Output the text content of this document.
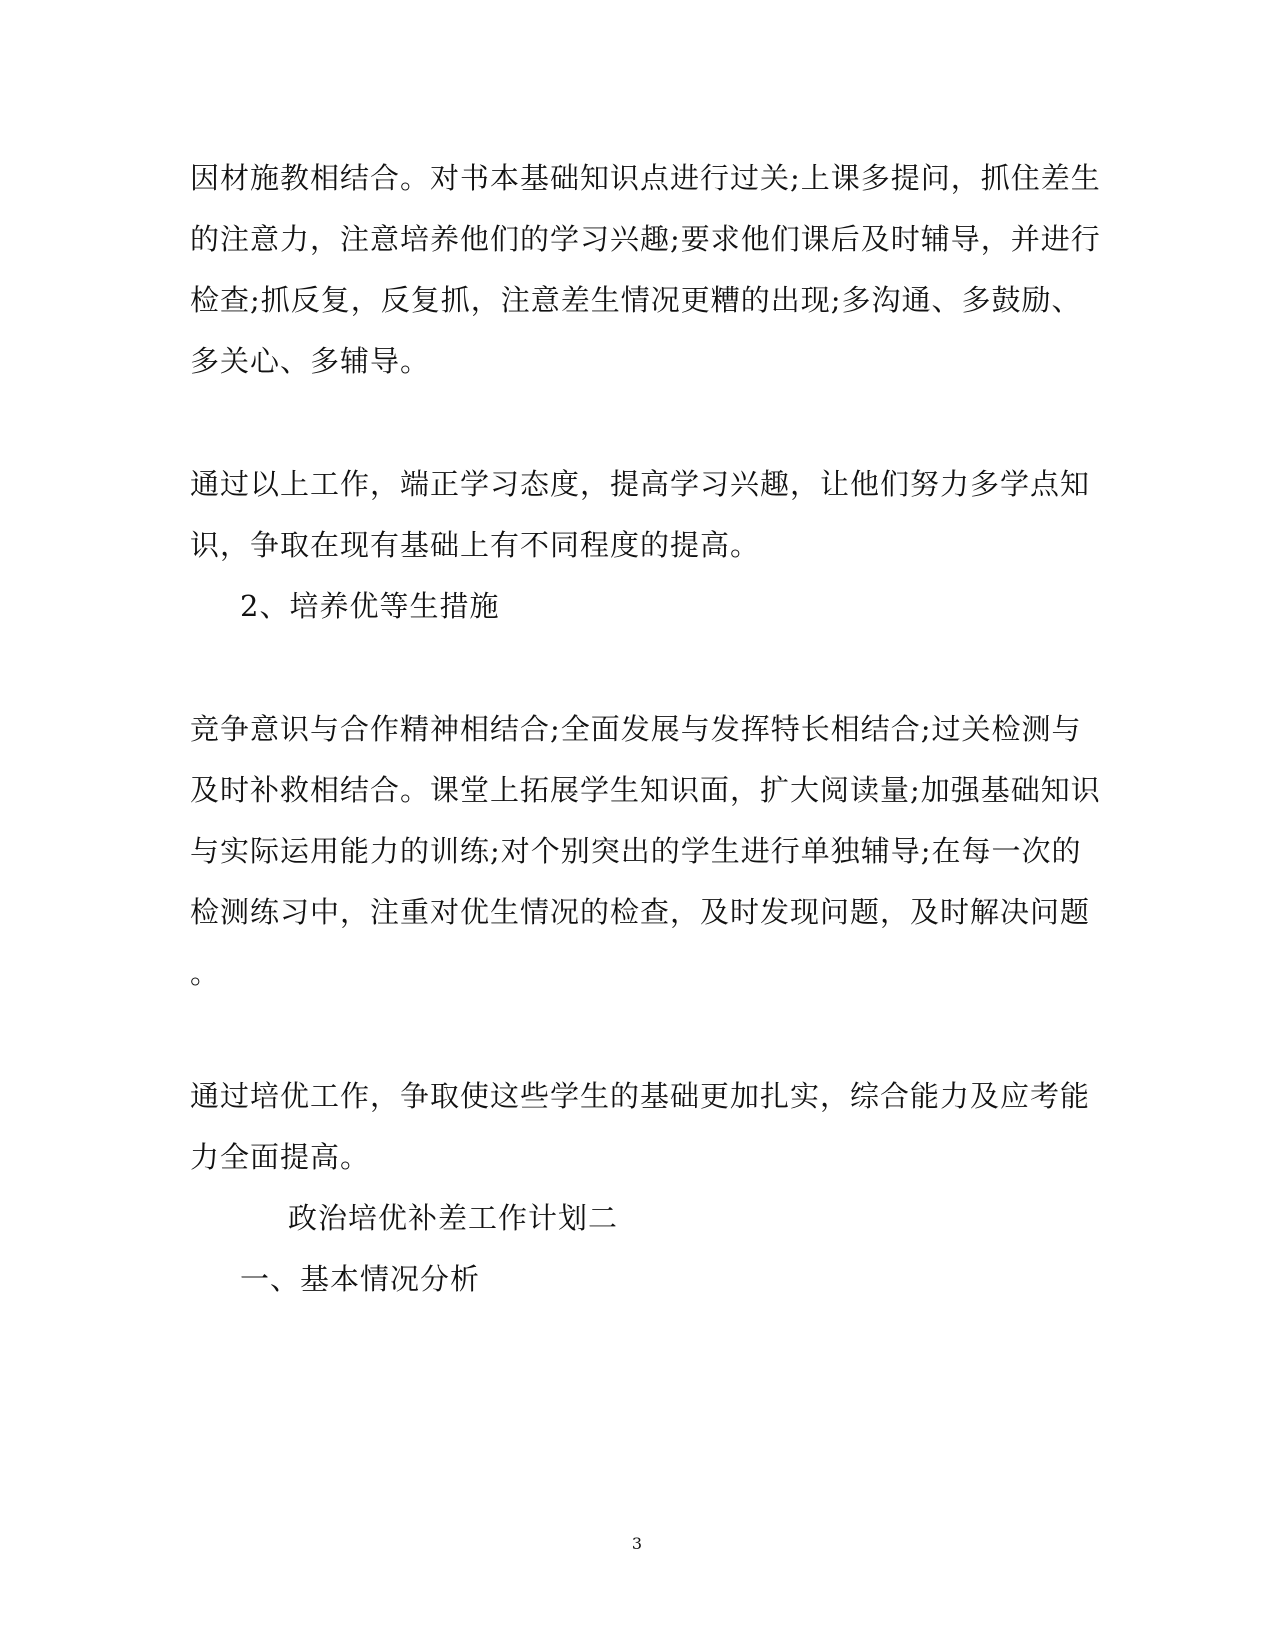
因材施教相结合。对书本基础知识点进行过关;上课多提问，抓住差生

的注意力，注意培养他们的学习兴趣;要求他们课后及时辅导，并进行

检查;抓反复，反复抓，注意差生情况更糟的出现;多沟通、多鼓励、

多关心、多辅导。

通过以上工作，端正学习态度，提高学习兴趣，让他们努力多学点知

识，争取在现有基础上有不同程度的提高。

2、培养优等生措施

竞争意识与合作精神相结合;全面发展与发挥特长相结合;过关检测与

及时补救相结合。课堂上拓展学生知识面，扩大阅读量;加强基础知识

与实际运用能力的训练;对个别突出的学生进行单独辅导;在每一次的

检测练习中，注重对优生情况的检查，及时发现问题，及时解决问题

。

通过培优工作，争取使这些学生的基础更加扎实，综合能力及应考能

力全面提高。

政治培优补差工作计划二

一、基本情况分析

3
